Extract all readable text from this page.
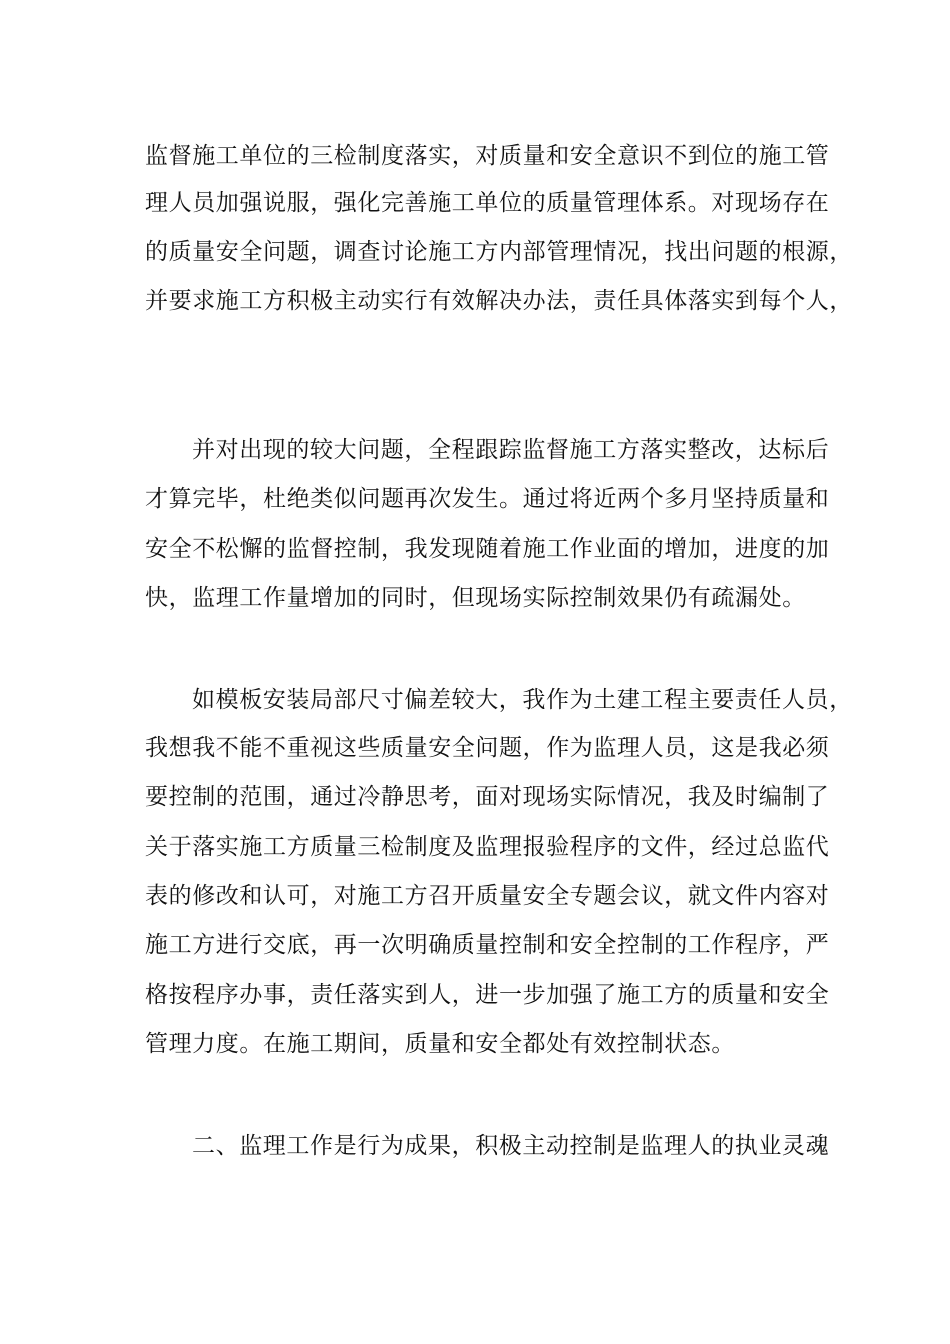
监督施工单位的三检制度落实，对质量和安全意识不到位的施工管
理人员加强说服，强化完善施工单位的质量管理体系。对现场存在
的质量安全问题，调查讨论施工方内部管理情况，找出问题的根源，
并要求施工方积极主动实行有效解决办法，责任具体落实到每个人，
并对出现的较大问题，全程跟踪监督施工方落实整改，达标后
才算完毕，杜绝类似问题再次发生。通过将近两个多月坚持质量和
安全不松懈的监督控制，我发现随着施工作业面的增加，进度的加
快，监理工作量增加的同时，但现场实际控制效果仍有疏漏处。
如模板安装局部尺寸偏差较大，我作为土建工程主要责任人员，
我想我不能不重视这些质量安全问题，作为监理人员，这是我必须
要控制的范围，通过冷静思考，面对现场实际情况，我及时编制了
关于落实施工方质量三检制度及监理报验程序的文件，经过总监代
表的修改和认可，对施工方召开质量安全专题会议，就文件内容对
施工方进行交底，再一次明确质量控制和安全控制的工作程序，严
格按程序办事，责任落实到人，进一步加强了施工方的质量和安全
管理力度。在施工期间，质量和安全都处有效控制状态。
二、监理工作是行为成果，积极主动控制是监理人的执业灵魂
